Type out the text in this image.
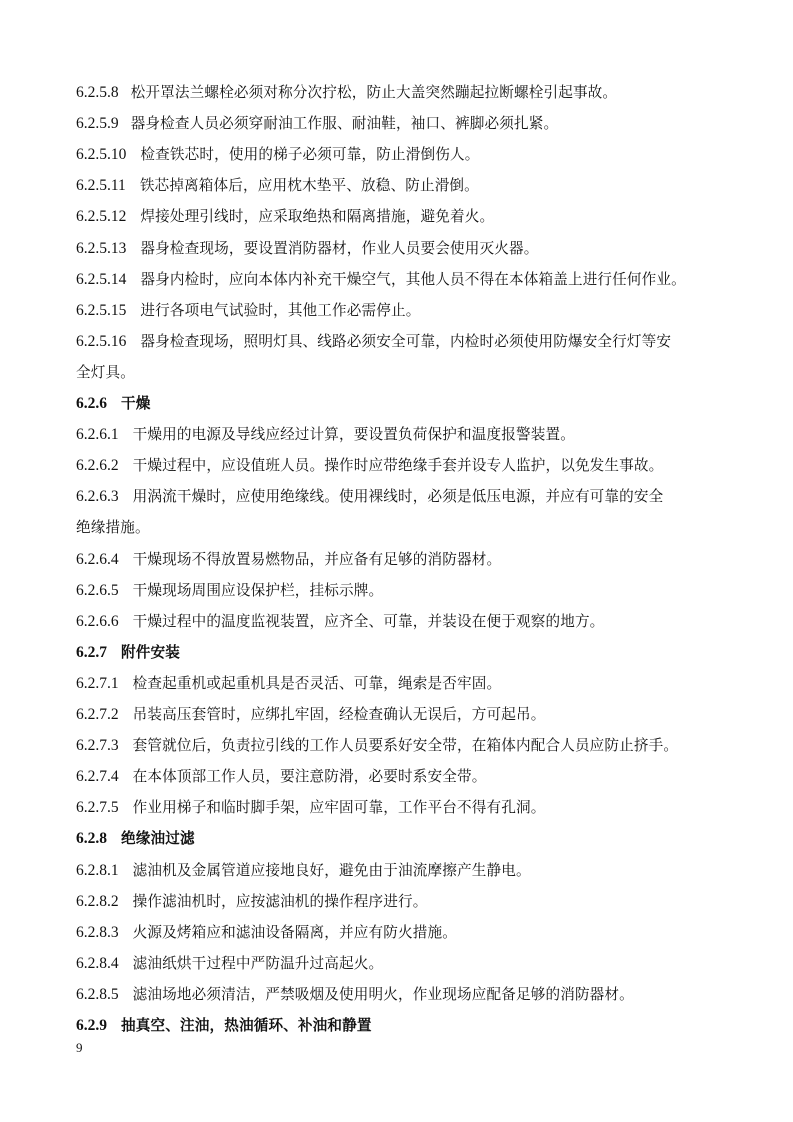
6.2.5.8 松开罩法兰螺栓必须对称分次拧松，防止大盖突然蹦起拉断螺栓引起事故。
6.2.5.9 器身检查人员必须穿耐油工作服、耐油鞋，袖口、裤脚必须扎紧。
6.2.5.10 检查铁芯时，使用的梯子必须可靠，防止滑倒伤人。
6.2.5.11 铁芯掉离箱体后，应用枕木垫平、放稳、防止滑倒。
6.2.5.12 焊接处理引线时，应采取绝热和隔离措施，避免着火。
6.2.5.13 器身检查现场，要设置消防器材，作业人员要会使用灭火器。
6.2.5.14 器身内检时，应向本体内补充干燥空气，其他人员不得在本体箱盖上进行任何作业。
6.2.5.15 进行各项电气试验时，其他工作必需停止。
6.2.5.16 器身检查现场，照明灯具、线路必须安全可靠，内检时必须使用防爆安全行灯等安
全灯具。
6.2.6 干燥
6.2.6.1 干燥用的电源及导线应经过计算，要设置负荷保护和温度报警装置。
6.2.6.2 干燥过程中，应设值班人员。操作时应带绝缘手套并设专人监护，以免发生事故。
6.2.6.3 用涡流干燥时，应使用绝缘线。使用裸线时，必须是低压电源，并应有可靠的安全
绝缘措施。
6.2.6.4 干燥现场不得放置易燃物品，并应备有足够的消防器材。
6.2.6.5 干燥现场周围应设保护栏，挂标示牌。
6.2.6.6 干燥过程中的温度监视装置，应齐全、可靠，并装设在便于观察的地方。
6.2.7 附件安装
6.2.7.1 检查起重机或起重机具是否灵活、可靠，绳索是否牢固。
6.2.7.2 吊装高压套管时，应绑扎牢固，经检查确认无误后，方可起吊。
6.2.7.3 套管就位后，负责拉引线的工作人员要系好安全带，在箱体内配合人员应防止挤手。
6.2.7.4 在本体顶部工作人员，要注意防滑，必要时系安全带。
6.2.7.5 作业用梯子和临时脚手架，应牢固可靠，工作平台不得有孔洞。
6.2.8 绝缘油过滤
6.2.8.1 滤油机及金属管道应接地良好，避免由于油流摩擦产生静电。
6.2.8.2 操作滤油机时，应按滤油机的操作程序进行。
6.2.8.3 火源及烤箱应和滤油设备隔离，并应有防火措施。
6.2.8.4 滤油纸烘干过程中严防温升过高起火。
6.2.8.5 滤油场地必须清洁，严禁吸烟及使用明火，作业现场应配备足够的消防器材。
6.2.9 抽真空、注油，热油循环、补油和静置
9
